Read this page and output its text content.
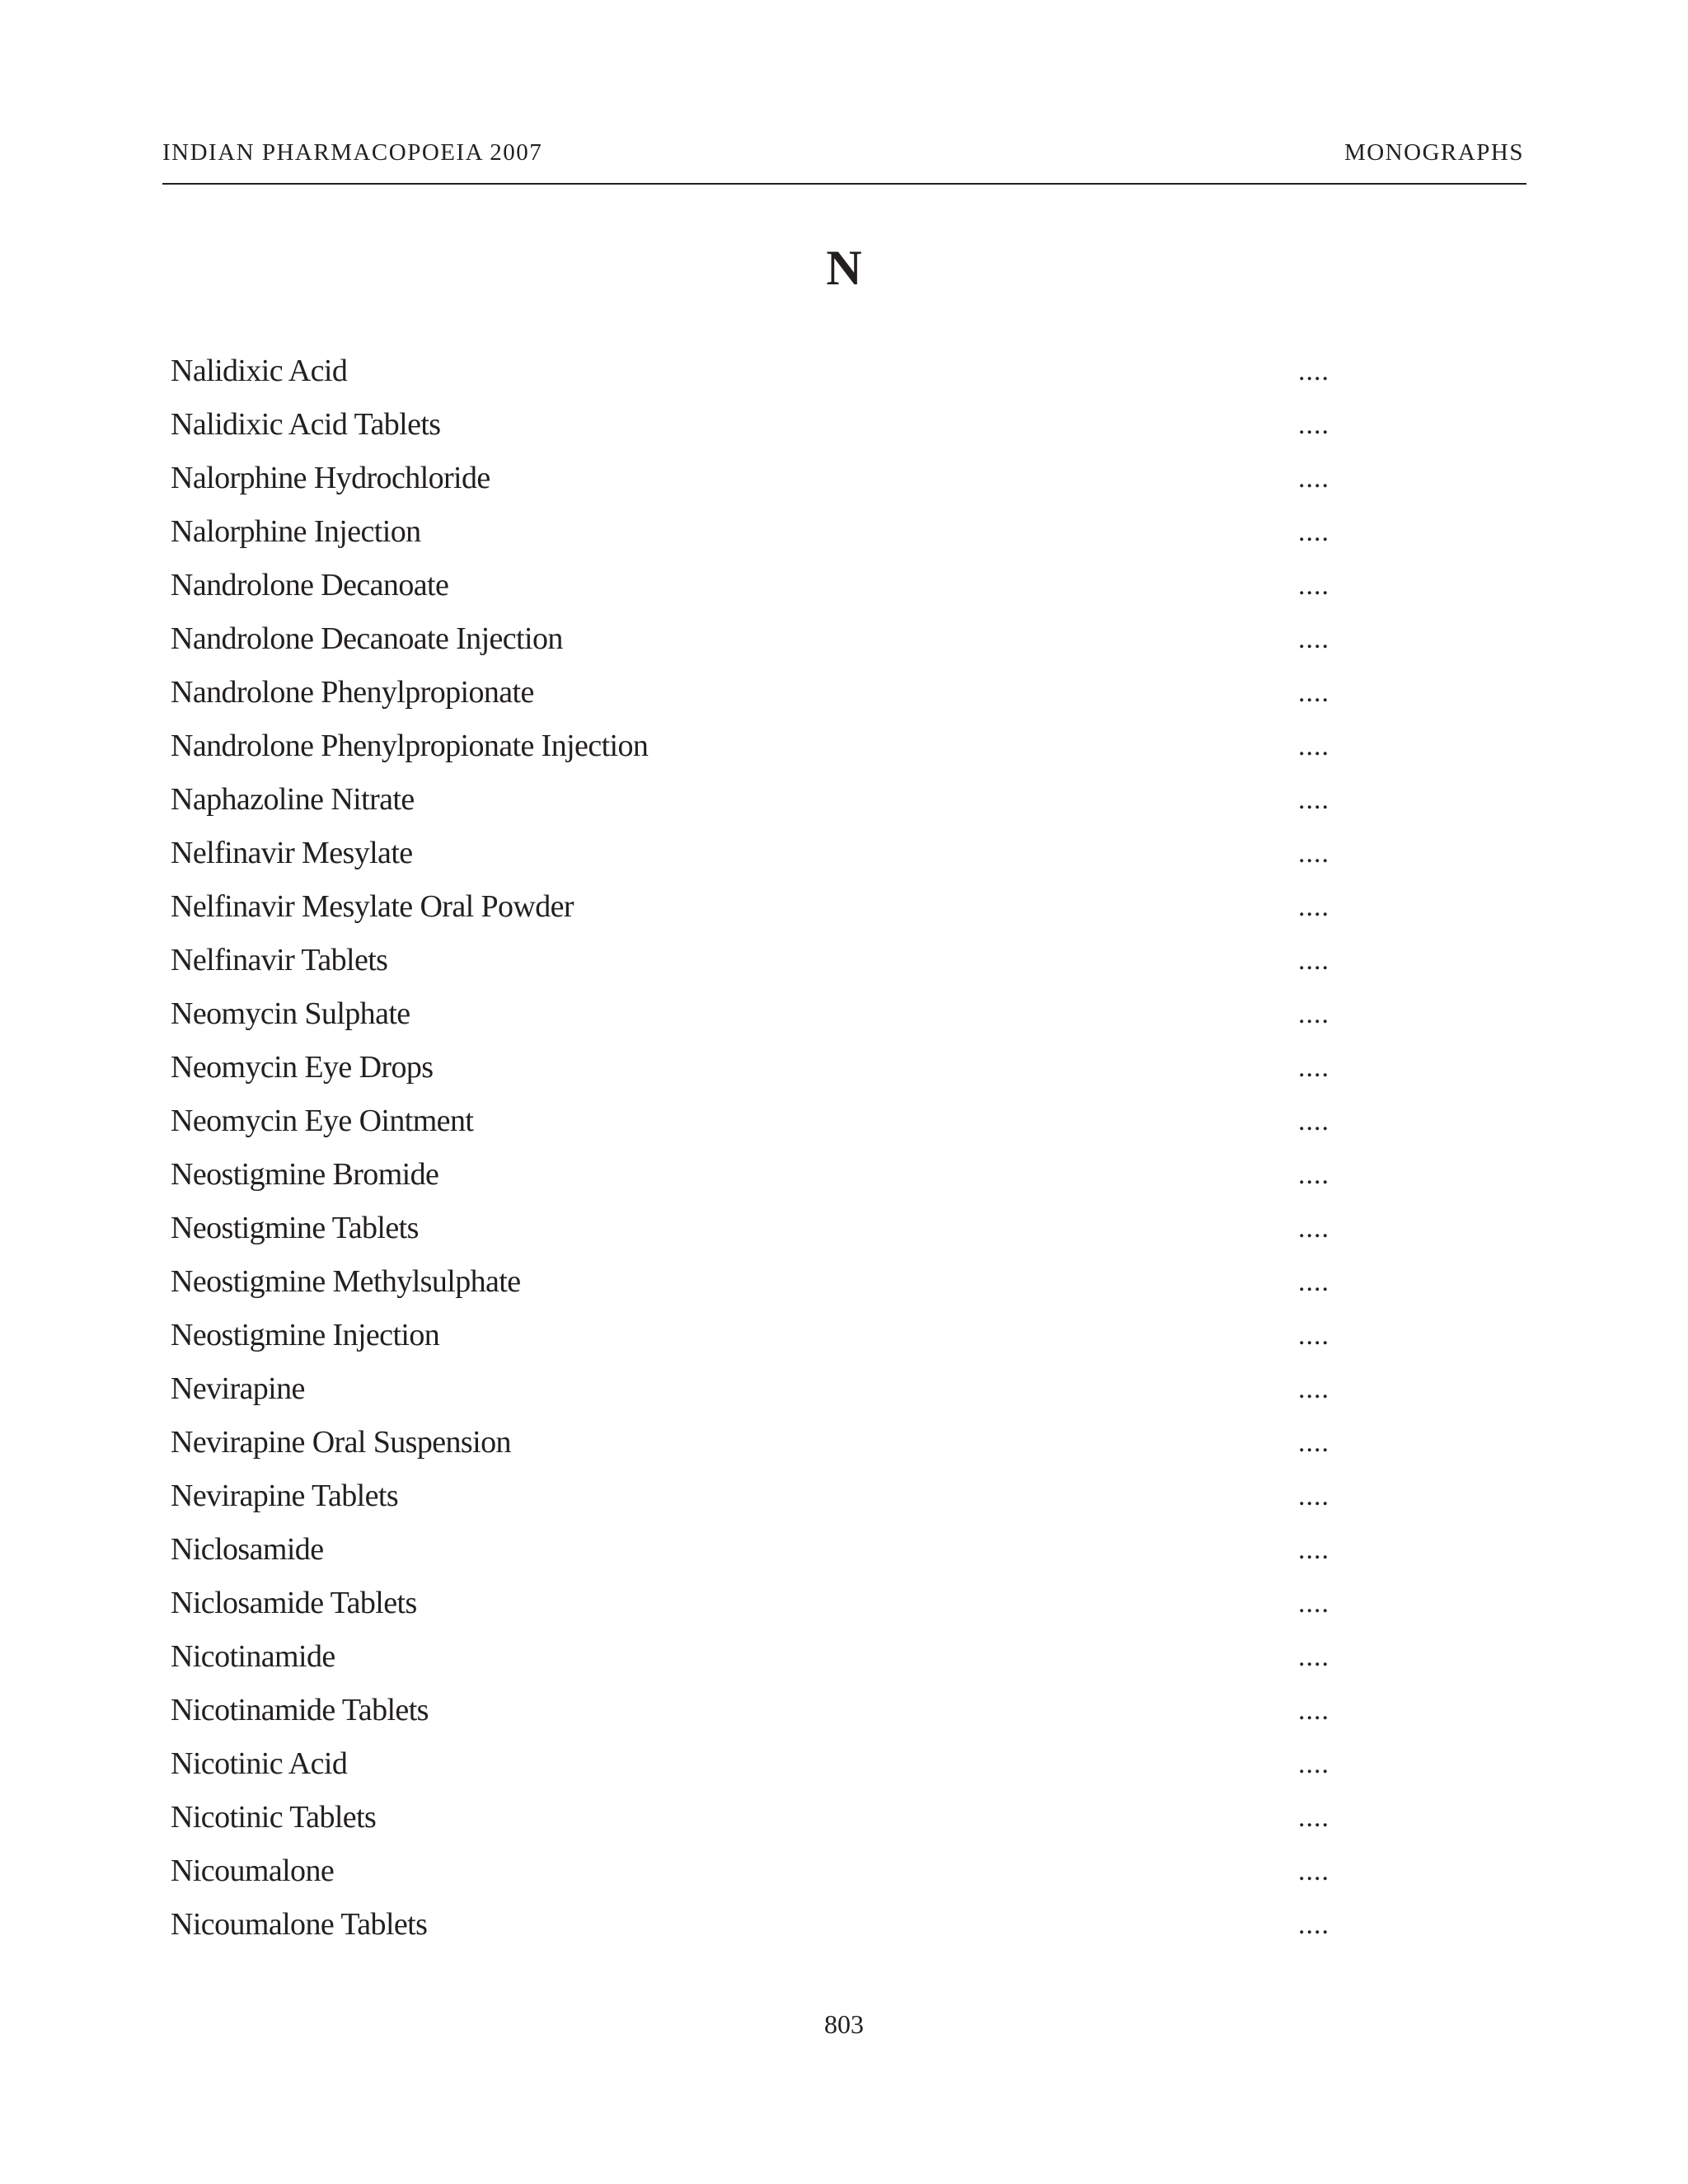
INDIAN PHARMACOPOEIA 2007	MONOGRAPHS
N
Nalidixic Acid	....
Nalidixic Acid Tablets	....
Nalorphine Hydrochloride	....
Nalorphine Injection	....
Nandrolone Decanoate	....
Nandrolone Decanoate Injection	....
Nandrolone Phenylpropionate	....
Nandrolone Phenylpropionate Injection	....
Naphazoline Nitrate	....
Nelfinavir Mesylate	....
Nelfinavir Mesylate Oral Powder	....
Nelfinavir Tablets	....
Neomycin Sulphate	....
Neomycin Eye Drops	....
Neomycin Eye Ointment	....
Neostigmine Bromide	....
Neostigmine Tablets	....
Neostigmine Methylsulphate	....
Neostigmine Injection	....
Nevirapine	....
Nevirapine Oral Suspension	....
Nevirapine Tablets	....
Niclosamide	....
Niclosamide Tablets	....
Nicotinamide	....
Nicotinamide Tablets	....
Nicotinic Acid	....
Nicotinic Tablets	....
Nicoumalone	....
Nicoumalone Tablets	....
803
